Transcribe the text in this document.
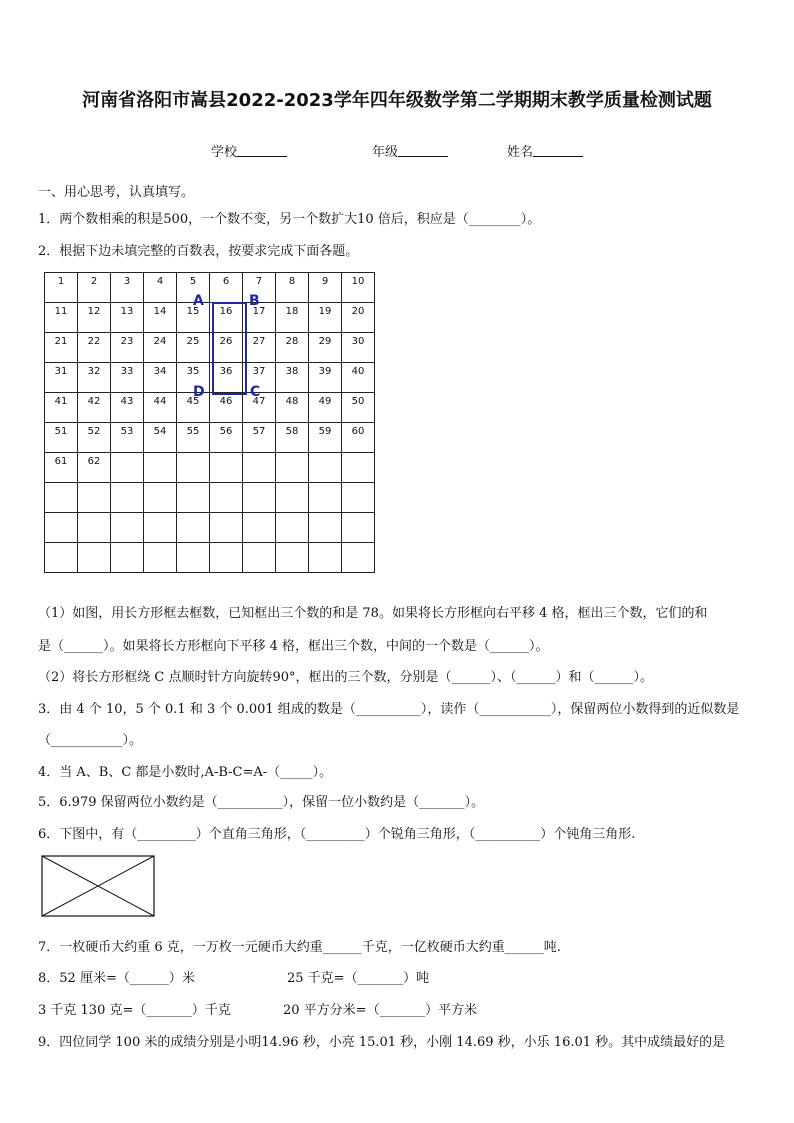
河南省洛阳市嵩县2022-2023学年四年级数学第二学期期末教学质量检测试题
学校	年级	姓名
一、用心思考，认真填写。
1．两个数相乘的积是500，一个数不变，另一个数扩大10 倍后，积应是（________）。
2．根据下边未填完整的百数表，按要求完成下面各题。
1	2	3	4	5	6	7	8	9	10
11	12	13	14	15	16	17	18	19	20
21	22	23	24	25	26	27	28	29	30
31	32	33	34	35	36	37	38	39	40
41	42	43	44	45	46	47	48	49	50
51	52	53	54	55	56	57	58	59	60
61	62								

A	B
D	C
（1）如图，用长方形框去框数，已知框出三个数的和是 78。如果将长方形框向右平移 4 格，框出三个数，它们的和
是（______）。如果将长方形框向下平移 4 格，框出三个数，中间的一个数是（______）。
（2）将长方形框绕 C 点顺时针方向旋转90°，框出的三个数，分别是（______）、（______）和（______）。
3．由 4 个 10，5 个 0.1 和 3 个 0.001 组成的数是（__________），读作（___________），保留两位小数得到的近似数是
（___________）。
4．当 A、B、C 都是小数时,A-B-C=A-（_____）。
5．6.979 保留两位小数约是（__________），保留一位小数约是（_______）。
6．下图中，有（_________）个直角三角形，（_________）个锐角三角形，（__________）个钝角三角形.
7．一枚硬币大约重 6 克，一万枚一元硬币大约重______千克，一亿枚硬币大约重______吨.
8．52 厘米=（______）米	25 千克=（_______）吨
3 千克 130 克=（_______）千克	20 平方分米=（_______）平方米
9．四位同学 100 米的成绩分别是小明14.96 秒，小亮 15.01 秒，小刚 14.69 秒，小乐 16.01 秒。其中成绩最好的是
